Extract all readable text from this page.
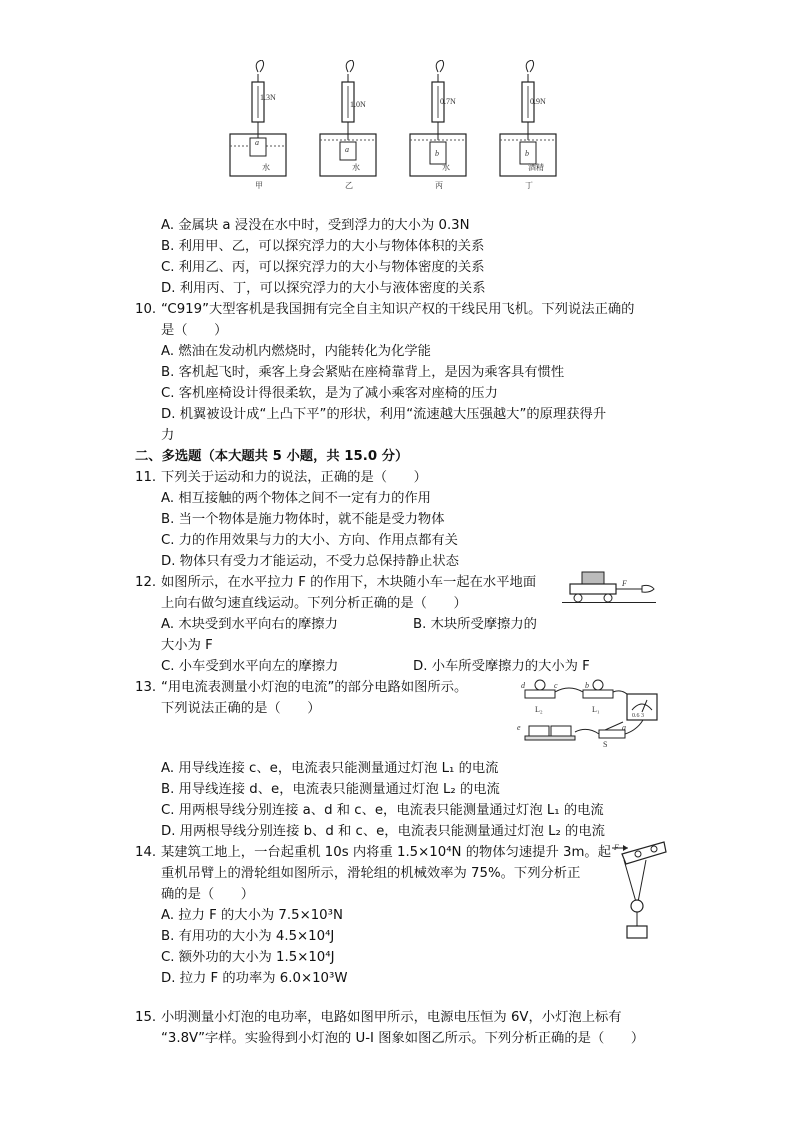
1.3N
1.0N	0.7N	0.9N
a
a	b	b
水	水	水	酒精
甲	乙	丙	丁
A. 金属块 a 浸没在水中时，受到浮力的大小为 0.3N
B. 利用甲、乙，可以探究浮力的大小与物体体积的关系
C. 利用乙、丙，可以探究浮力的大小与物体密度的关系
D. 利用丙、丁，可以探究浮力的大小与液体密度的关系
10. “C919”大型客机是我国拥有完全自主知识产权的干线民用飞机。下列说法正确的
是（　　）
A. 燃油在发动机内燃烧时，内能转化为化学能
B. 客机起飞时，乘客上身会紧贴在座椅靠背上，是因为乘客具有惯性
C. 客机座椅设计得很柔软，是为了减小乘客对座椅的压力
D. 机翼被设计成“上凸下平”的形状，利用“流速越大压强越大”的原理获得升
力
二、多选题（本大题共 5 小题，共 15.0 分）
11. 下列关于运动和力的说法，正确的是（　　）
A. 相互接触的两个物体之间不一定有力的作用
B. 当一个物体是施力物体时，就不能是受力物体
C. 力的作用效果与力的大小、方向、作用点都有关
D. 物体只有受力才能运动，不受力总保持静止状态
12. 如图所示，在水平拉力 F 的作用下，木块随小车一起在水平地面
上向右做匀速直线运动。下列分析正确的是（　　）
A. 木块受到水平向右的摩擦力	B. 木块所受摩擦力的
大小为 F
C. 小车受到水平向左的摩擦力	D. 小车所受摩擦力的大小为 F
F
13. “用电流表测量小灯泡的电流”的部分电路如图所示。
下列说法正确的是（　　）
d	c	b
L₂	L₁
0.6 3
e	a
S
A. 用导线连接 c、e，电流表只能测量通过灯泡 L₁ 的电流
B. 用导线连接 d、e，电流表只能测量通过灯泡 L₂ 的电流
C. 用两根导线分别连接 a、d 和 c、e，电流表只能测量通过灯泡 L₁ 的电流
D. 用两根导线分别连接 b、d 和 c、e，电流表只能测量通过灯泡 L₂ 的电流
14. 某建筑工地上，一台起重机 10s 内将重 1.5×10⁴N 的物体匀速提升 3m。起
重机吊臂上的滑轮组如图所示，滑轮组的机械效率为 75%。下列分析正
确的是（　　）
A. 拉力 F 的大小为 7.5×10³N
B. 有用功的大小为 4.5×10⁴J
C. 额外功的大小为 1.5×10⁴J
D. 拉力 F 的功率为 6.0×10³W
F
15. 小明测量小灯泡的电功率，电路如图甲所示，电源电压恒为 6V，小灯泡上标有
“3.8V”字样。实验得到小灯泡的 U-I 图象如图乙所示。下列分析正确的是（　　）
